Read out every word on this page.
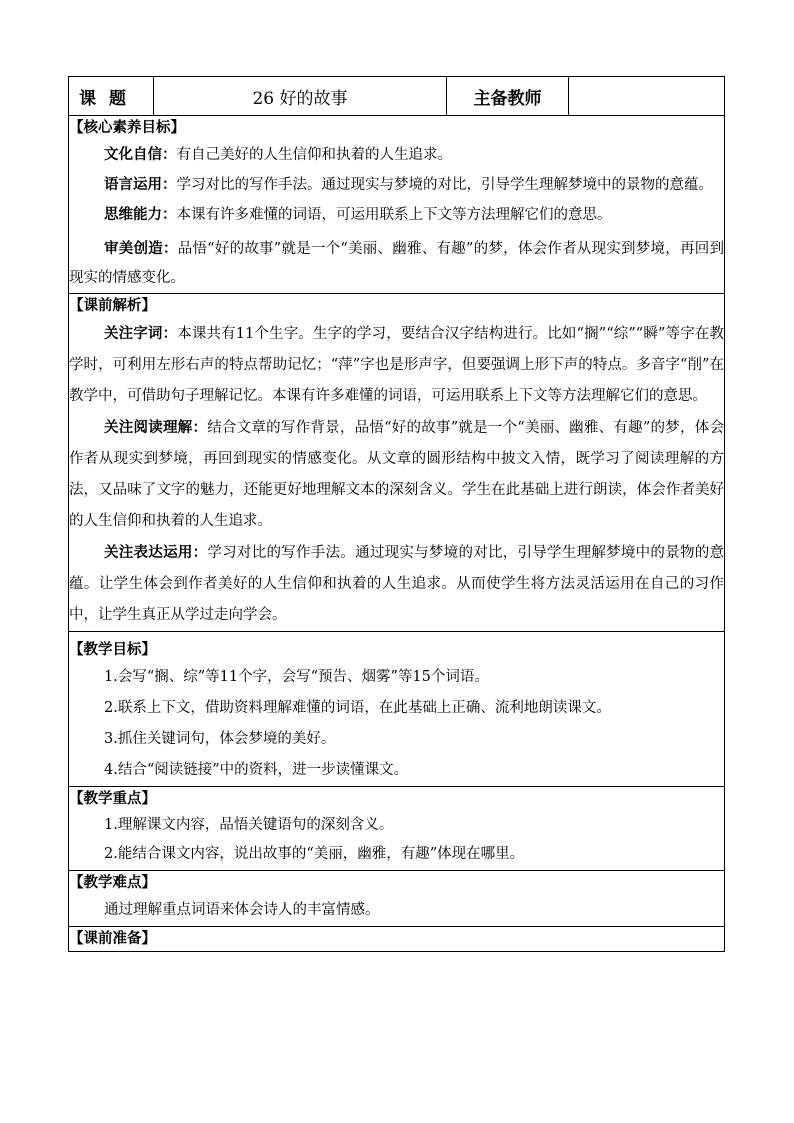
课题	26 好的故事	主备教师	

【核心素养目标】

文化自信：有自己美好的人生信仰和执着的人生追求。

语言运用：学习对比的写作手法。通过现实与梦境的对比，引导学生理解梦境中的景物的意蕴。

思维能力：本课有许多难懂的词语，可运用联系上下文等方法理解它们的意思。

审美创造：品悟“好的故事”就是一个“美丽、幽雅、有趣”的梦，体会作者从现实到梦境，再回到现实的情感变化。

【课前解析】

关注字词：本课共有11个生字。生字的学习，要结合汉字结构进行。比如“搁”“综”“瞬”等字在教学时，可利用左形右声的特点帮助记忆；“萍”字也是形声字，但要强调上形下声的特点。多音字“削”在教学中，可借助句子理解记忆。本课有许多难懂的词语，可运用联系上下文等方法理解它们的意思。

关注阅读理解：结合文章的写作背景，品悟“好的故事”就是一个“美丽、幽雅、有趣”的梦，体会作者从现实到梦境，再回到现实的情感变化。从文章的圆形结构中披文入情，既学习了阅读理解的方法，又品味了文字的魅力，还能更好地理解文本的深刻含义。学生在此基础上进行朗读，体会作者美好的人生信仰和执着的人生追求。

关注表达运用：学习对比的写作手法。通过现实与梦境的对比，引导学生理解梦境中的景物的意蕴。让学生体会到作者美好的人生信仰和执着的人生追求。从而使学生将方法灵活运用在自己的习作中，让学生真正从学过走向学会。

【教学目标】

1.会写“搁、综”等11个字，会写“预告、烟雾”等15个词语。

2.联系上下文，借助资料理解难懂的词语，在此基础上正确、流利地朗读课文。

3.抓住关键词句，体会梦境的美好。

4.结合“阅读链接”中的资料，进一步读懂课文。

【教学重点】

1.理解课文内容，品悟关键语句的深刻含义。

2.能结合课文内容，说出故事的“美丽，幽雅，有趣”体现在哪里。

【教学难点】

通过理解重点词语来体会诗人的丰富情感。

【课前准备】
